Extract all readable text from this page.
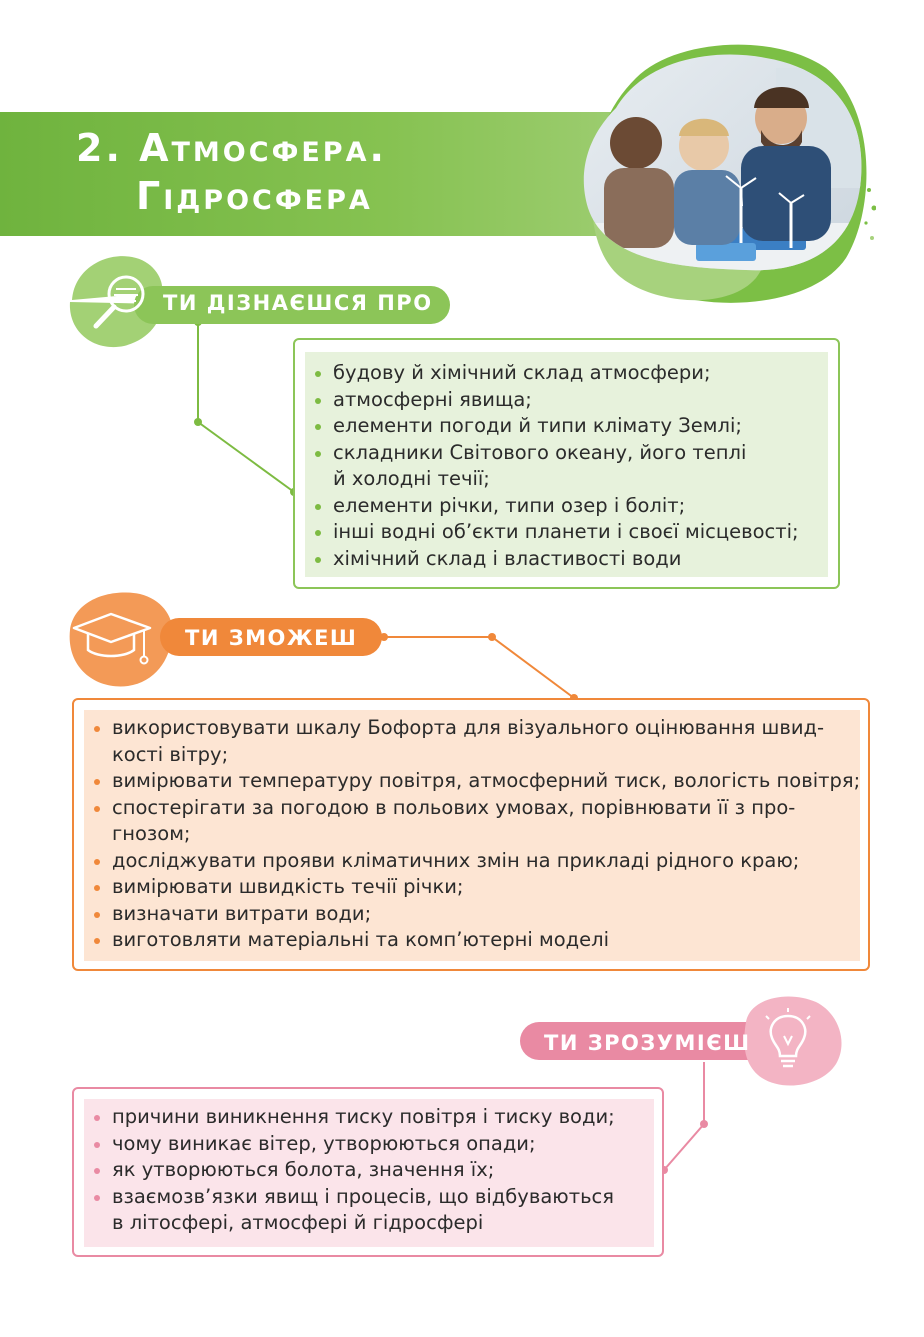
2. Атмосфера.
Гідросфера
ТИ ДІЗНАЄШСЯ ПРО
будову й хімічний склад атмосфери;
атмосферні явища;
елементи погоди й типи клімату Землі;
складники Світового океану, його теплі
й холодні течії;
елементи річки, типи озер і боліт;
інші водні об’єкти планети і своєї місцевості;
хімічний склад і властивості води
ТИ ЗМОЖЕШ
використовувати шкалу Бофорта для візуального оцінювання швид-
кості вітру;
вимірювати температуру повітря, атмосферний тиск, вологість повітря;
спостерігати за погодою в польових умовах, порівнювати її з про-
гнозом;
досліджувати прояви кліматичних змін на прикладі рідного краю;
вимірювати швидкість течії річки;
визначати витрати води;
виготовляти матеріальні та комп’ютерні моделі
ТИ ЗРОЗУМІЄШ
причини виникнення тиску повітря і тиску води;
чому виникає вітер, утворюються опади;
як утворюються болота, значення їх;
взаємозв’язки явищ і процесів, що відбуваються
в літосфері, атмосфері й гідросфері
